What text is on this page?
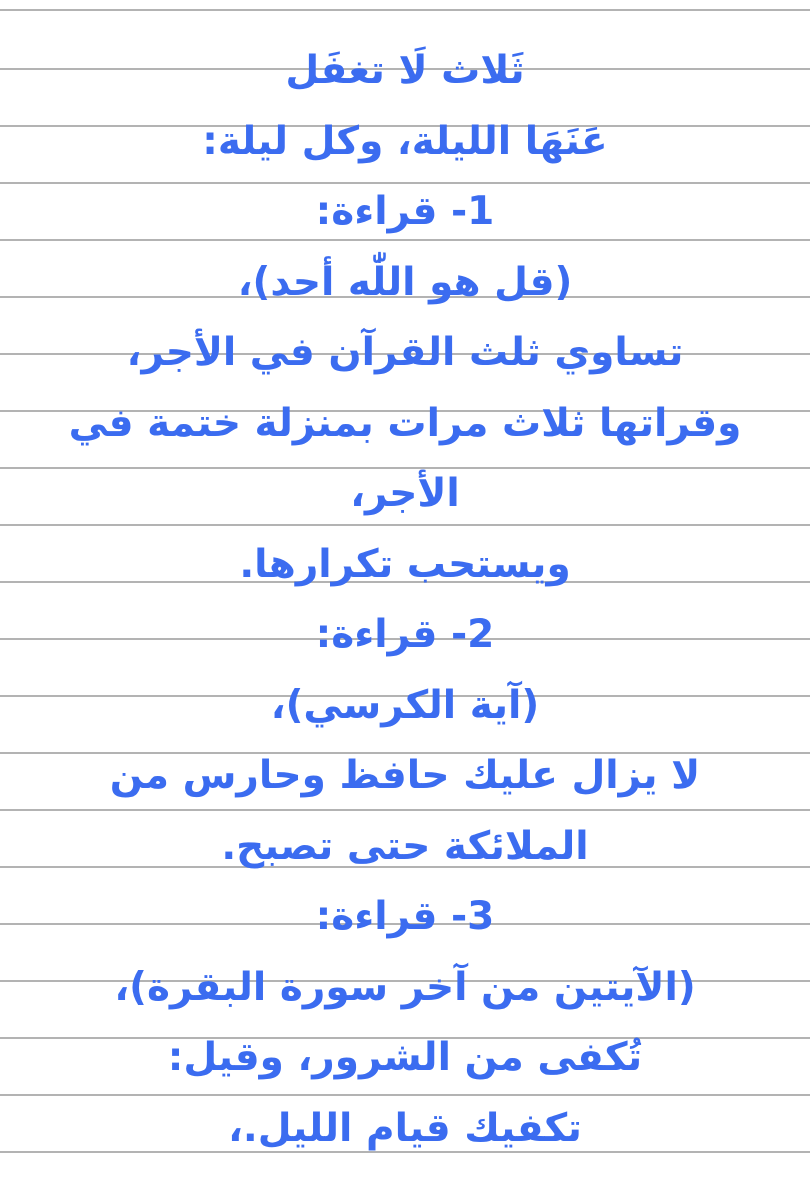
ثَلاث لَا تغفَل
عَنَهَا الليلة، وكل ليلة:
1- قراءة:
(قل هو اللّٰه أحد)،
تساوي ثلث القرآن في الأجر،
وقراتها ثلاث مرات بمنزلة ختمة في
الأجر،
ويستحب تكرارها.
2- قراءة:
(آية الكرسي)،
لا يزال عليك حافظ وحارس من
الملائكة حتى تصبح.
3- قراءة:
(الآيتين من آخر سورة البقرة)،
تُكفى من الشرور، وقيل:
تكفيك قيام الليل.،
